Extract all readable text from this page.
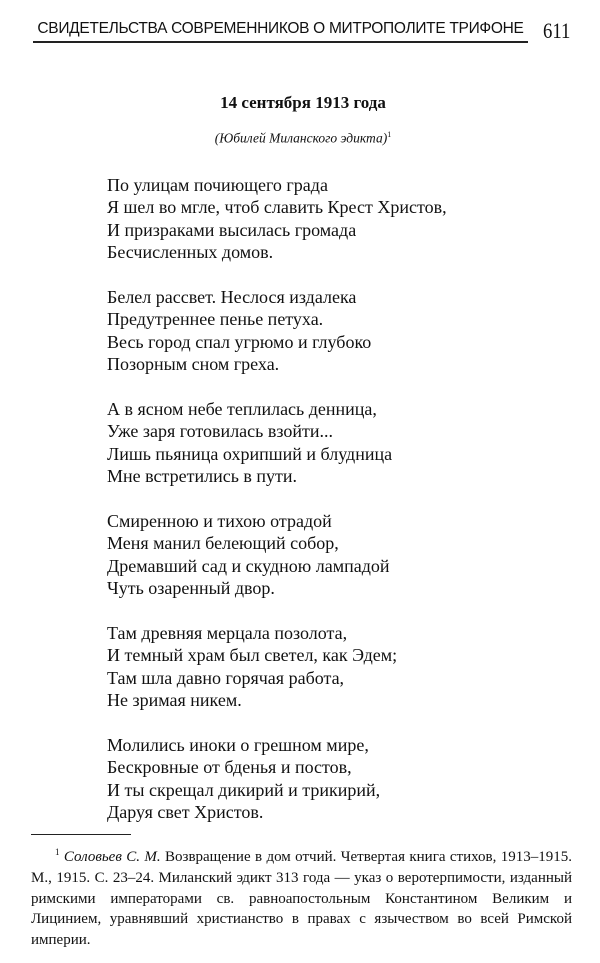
СВИДЕТЕЛЬСТВА СОВРЕМЕННИКОВ О МИТРОПОЛИТЕ ТРИФОНЕ 611
14 сентября 1913 года
(Юбилей Миланского эдикта)$^1$
По улицам почиющего града
Я шел во мгле, чтоб славить Крест Христов,
И призраками высилась громада
Бесчисленных домов.
Белел рассвет. Неслося издалека
Предутреннее пенье петуха.
Весь город спал угрюмо и глубоко
Позорным сном греха.
А в ясном небе теплилась денница,
Уже заря готовилась взойти...
Лишь пьяница охрипший и блудница
Мне встретились в пути.
Смиренною и тихою отрадой
Меня манил белеющий собор,
Дремавший сад и скудною лампадой
Чуть озаренный двор.
Там древняя мерцала позолота,
И темный храм был светел, как Эдем;
Там шла давно горячая работа,
Не зримая никем.
Молились иноки о грешном мире,
Бескровные от бденья и постов,
И ты скрещал дикирий и трикирий,
Даруя свет Христов.
$^1$ Соловьев С. М. Возвращение в дом отчий. Четвертая книга стихов, 1913–1915. М., 1915. С. 23–24. Миланский эдикт 313 года — указ о веротерпимости, изданный римскими императорами св. равноапостольным Константином Великим и Лицинием, уравнявший христианство в правах с язычеством во всей Римской империи.
